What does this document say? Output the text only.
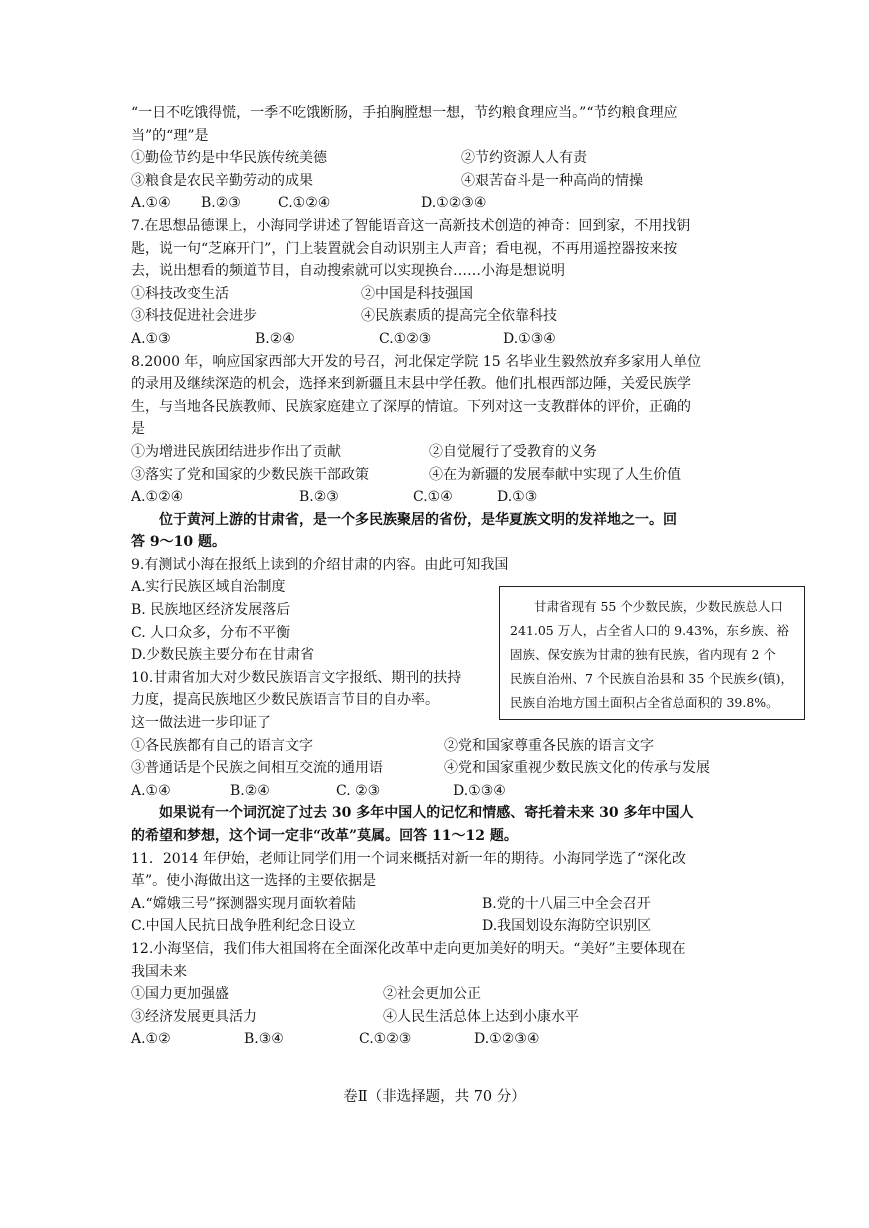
“一日不吃饿得慌，一季不吃饿断肠，手拍胸膛想一想，节约粮食理应当。”“节约粮食理应
当”的“理”是
①勤俭节约是中华民族传统美德	②节约资源人人有责
③粮食是农民辛勤劳动的成果	④艰苦奋斗是一种高尚的情操
A.①④ B.②③	C.①②④	D.①②③④
7.在思想品德课上，小海同学讲述了智能语音这一高新技术创造的神奇：回到家，不用找钥
匙，说一句“芝麻开门”，门上装置就会自动识别主人声音；看电视，不再用遥控器按来按
去，说出想看的频道节目，自动搜索就可以实现换台……小海是想说明
①科技改变生活	②中国是科技强国
③科技促进社会进步	④民族素质的提高完全依靠科技
A.①③	B.②④	C.①②③	D.①③④
8.2000 年，响应国家西部大开发的号召，河北保定学院 15 名毕业生毅然放弃多家用人单位
的录用及继续深造的机会，选择来到新疆且末县中学任教。他们扎根西部边陲，关爱民族学
生，与当地各民族教师、民族家庭建立了深厚的情谊。下列对这一支教群体的评价，正确的
是
①为增进民族团结进步作出了贡献	②自觉履行了受教育的义务
③落实了党和国家的少数民族干部政策	④在为新疆的发展奉献中实现了人生价值
A.①②④	B.②③	C.①④	D.①③
位于黄河上游的甘肃省，是一个多民族聚居的省份，是华夏族文明的发祥地之一。回
答 9～10 题。
9.有测试小海在报纸上读到的介绍甘肃的内容。由此可知我国
A.实行民族区域自治制度
B. 民族地区经济发展落后
C. 人口众多，分布不平衡
D.少数民族主要分布在甘肃省
10.甘肃省加大对少数民族语言文字报纸、期刊的扶持
力度，提高民族地区少数民族语言节目的自办率。
这一做法进一步印证了
①各民族都有自己的语言文字	②党和国家尊重各民族的语言文字
③普通话是个民族之间相互交流的通用语	④党和国家重视少数民族文化的传承与发展
A.①④	B.②④	C. ②③	D.①③④
如果说有一个词沉淀了过去 30 多年中国人的记忆和情感、寄托着未来 30 多年中国人
的希望和梦想，这个词一定非“改革”莫属。回答 11～12 题。
11．2014 年伊始，老师让同学们用一个词来概括对新一年的期待。小海同学选了“深化改
革”。使小海做出这一选择的主要依据是
A.“嫦娥三号”探测器实现月面软着陆	B.党的十八届三中全会召开
C.中国人民抗日战争胜利纪念日设立	D.我国划设东海防空识别区
12.小海坚信，我们伟大祖国将在全面深化改革中走向更加美好的明天。“美好”主要体现在
我国未来
①国力更加强盛	②社会更加公正
③经济发展更具活力	④人民生活总体上达到小康水平
A.①②	B.③④	C.①②③	D.①②③④
甘肃省现有 55 个少数民族，少数民族总人口
241.05 万人，占全省人口的 9.43%，东乡族、裕
固族、保安族为甘肃的独有民族，省内现有 2 个
民族自治州、7 个民族自治县和 35 个民族乡(镇)，
民族自治地方国土面积占全省总面积的 39.8%。
卷Ⅱ（非选择题，共 70 分）
